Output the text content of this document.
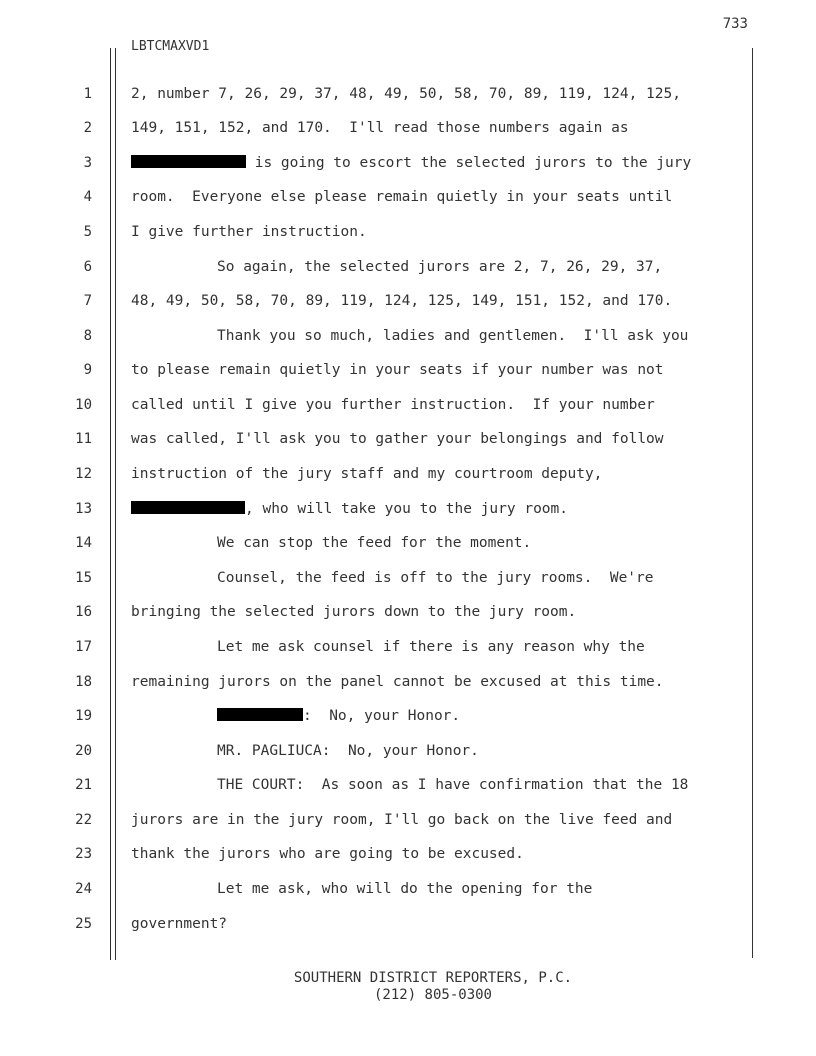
733
LBTCMAXVD1
1	2, number 7, 26, 29, 37, 48, 49, 50, 58, 70, 89, 119, 124, 125,
2	149, 151, 152, and 170.  I'll read those numbers again as
3	is going to escort the selected jurors to the jury
4	room.  Everyone else please remain quietly in your seats until
5	I give further instruction.
6	So again, the selected jurors are 2, 7, 26, 29, 37,
7	48, 49, 50, 58, 70, 89, 119, 124, 125, 149, 151, 152, and 170.
8	Thank you so much, ladies and gentlemen.  I'll ask you
9	to please remain quietly in your seats if your number was not
10	called until I give you further instruction.  If your number
11	was called, I'll ask you to gather your belongings and follow
12	instruction of the jury staff and my courtroom deputy,
13	, who will take you to the jury room.
14	We can stop the feed for the moment.
15	Counsel, the feed is off to the jury rooms.  We're
16	bringing the selected jurors down to the jury room.
17	Let me ask counsel if there is any reason why the
18	remaining jurors on the panel cannot be excused at this time.
19	:  No, your Honor.
20	MR. PAGLIUCA:  No, your Honor.
21	THE COURT:  As soon as I have confirmation that the 18
22	jurors are in the jury room, I'll go back on the live feed and
23	thank the jurors who are going to be excused.
24	Let me ask, who will do the opening for the
25	government?
SOUTHERN DISTRICT REPORTERS, P.C.
(212) 805-0300
